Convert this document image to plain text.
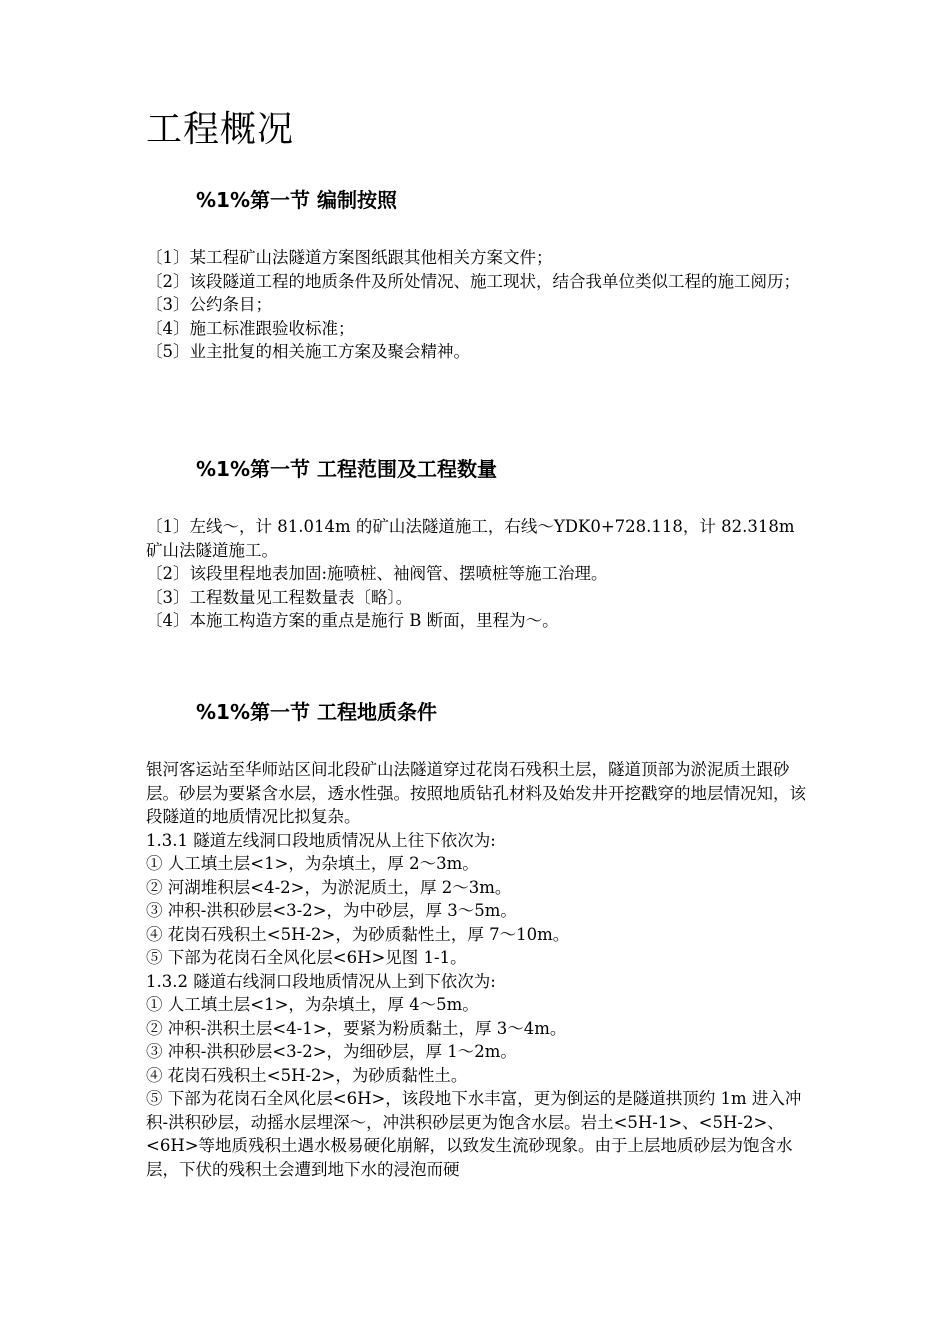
工程概况
%1%第一节 编制按照
〔1〕某工程矿山法隧道方案图纸跟其他相关方案文件；
〔2〕该段隧道工程的地质条件及所处情况、施工现状，结合我单位类似工程的施工阅历；
〔3〕公约条目；
〔4〕施工标准跟验收标准；
〔5〕业主批复的相关施工方案及聚会精神。
%1%第一节 工程范围及工程数量
〔1〕左线～，计 81.014m 的矿山法隧道施工，右线～YDK0+728.118，计 82.318m 矿山法隧道施工。
〔2〕该段里程地表加固:施喷桩、袖阀管、摆喷桩等施工治理。
〔3〕工程数量见工程数量表〔略〕。
〔4〕本施工构造方案的重点是施行 B 断面，里程为～。
%1%第一节 工程地质条件
银河客运站至华师站区间北段矿山法隧道穿过花岗石残积土层，隧道顶部为淤泥质土跟砂层。砂层为要紧含水层，透水性强。按照地质钻孔材料及始发井开挖戳穿的地层情况知，该段隧道的地质情况比拟复杂。
1.3.1 隧道左线洞口段地质情况从上往下依次为:
① 人工填土层<1>，为杂填土，厚 2～3m。
② 河湖堆积层<4-2>，为淤泥质土，厚 2～3m。
③ 冲积-洪积砂层<3-2>，为中砂层，厚 3～5m。
④ 花岗石残积土<5H-2>，为砂质黏性土，厚 7～10m。
⑤ 下部为花岗石全风化层<6H>见图 1-1。
1.3.2 隧道右线洞口段地质情况从上到下依次为:
① 人工填土层<1>，为杂填土，厚 4～5m。
② 冲积-洪积土层<4-1>，要紧为粉质黏土，厚 3～4m。
③ 冲积-洪积砂层<3-2>，为细砂层，厚 1～2m。
④ 花岗石残积土<5H-2>，为砂质黏性土。
⑤ 下部为花岗石全风化层<6H>，该段地下水丰富，更为倒运的是隧道拱顶约 1m 进入冲积-洪积砂层，动摇水层埋深～，冲洪积砂层更为饱含水层。岩土<5H-1>、<5H-2>、<6H>等地质残积土遇水极易硬化崩解，以致发生流砂现象。由于上层地质砂层为饱含水层，下伏的残积土会遭到地下水的浸泡而硬
